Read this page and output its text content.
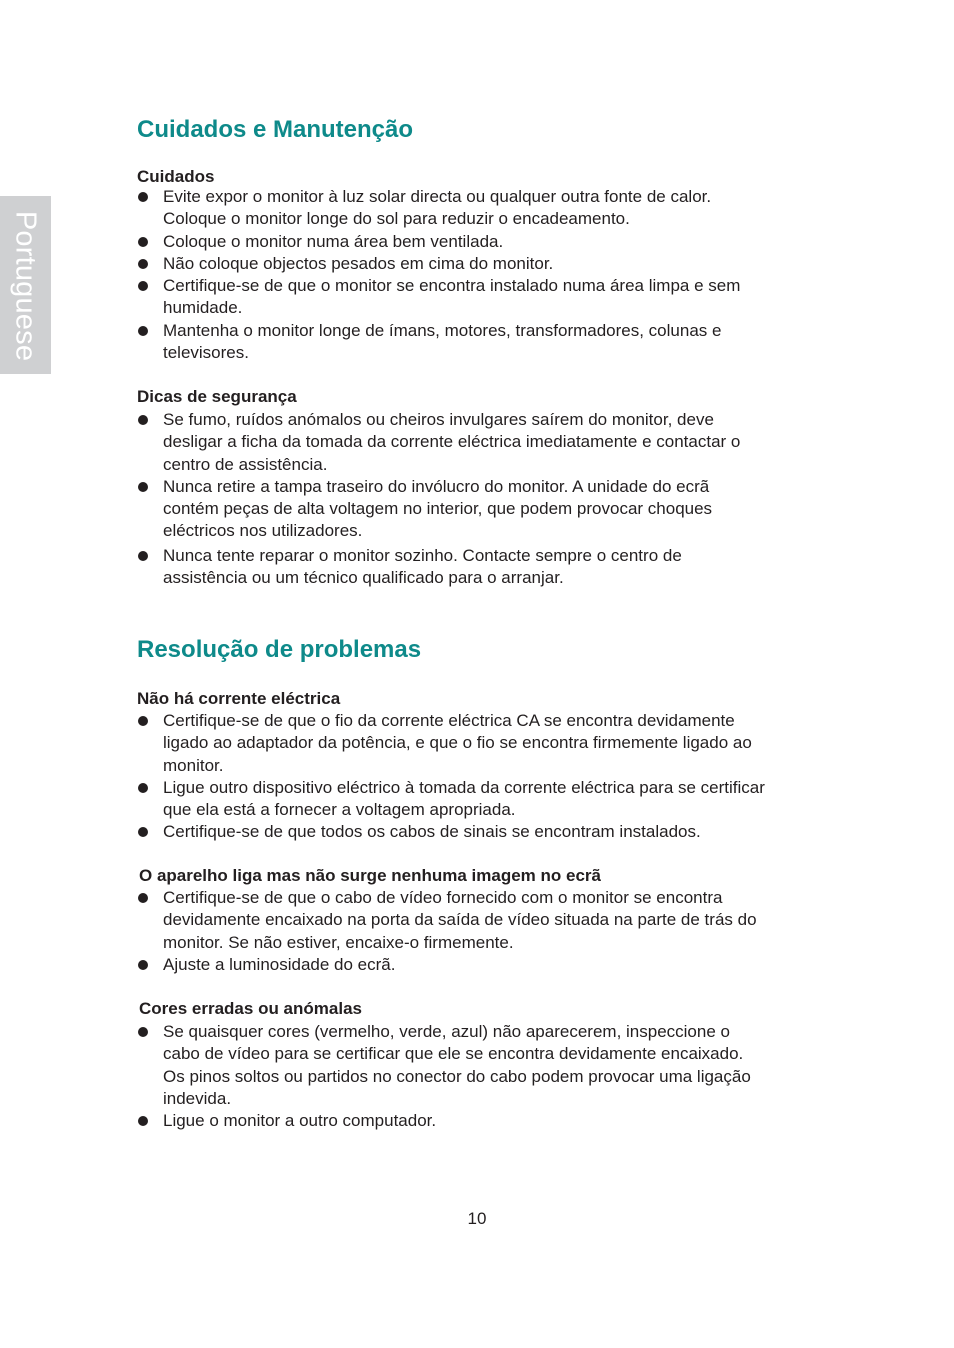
Portuguese
Cuidados e Manutenção
Cuidados
Evite expor o monitor à luz solar directa ou qualquer outra fonte de calor.
Coloque o monitor longe do sol para reduzir o encadeamento.
Coloque o monitor numa área bem ventilada.
Não coloque objectos pesados em cima do monitor.
Certifique-se de que o monitor se encontra instalado numa área limpa e sem
humidade.
Mantenha o monitor longe de ímans, motores, transformadores, colunas e
televisores.
Dicas de segurança
Se fumo, ruídos anómalos ou cheiros invulgares saírem do monitor, deve
desligar a ficha da tomada da corrente eléctrica imediatamente e contactar o
centro de assistência.
Nunca retire a tampa traseiro do invólucro do monitor. A unidade do ecrã
contém peças de alta voltagem no interior, que podem provocar choques
eléctricos nos utilizadores.
Nunca tente reparar o monitor sozinho. Contacte sempre o centro de
assistência ou um técnico qualificado para o arranjar.
Resolução de problemas
Não há corrente eléctrica
Certifique-se de que o fio da corrente eléctrica CA se encontra devidamente
ligado ao adaptador da potência, e que o fio se encontra firmemente ligado ao
monitor.
Ligue outro dispositivo eléctrico à tomada da corrente eléctrica para se certificar
que ela está a fornecer a voltagem apropriada.
Certifique-se de que todos os cabos de sinais se encontram instalados.
O aparelho liga mas não surge nenhuma imagem no ecrã
Certifique-se de que o cabo de vídeo fornecido com o monitor se encontra
devidamente encaixado na porta da saída de vídeo situada na parte de trás do
monitor. Se não estiver, encaixe-o firmemente.
Ajuste a luminosidade do ecrã.
Cores erradas ou anómalas
Se quaisquer cores (vermelho, verde, azul) não aparecerem, inspeccione o
cabo de vídeo para se certificar que ele se encontra devidamente encaixado.
Os pinos soltos ou partidos no conector do cabo podem provocar uma ligação
indevida.
Ligue o monitor a outro computador.
10
